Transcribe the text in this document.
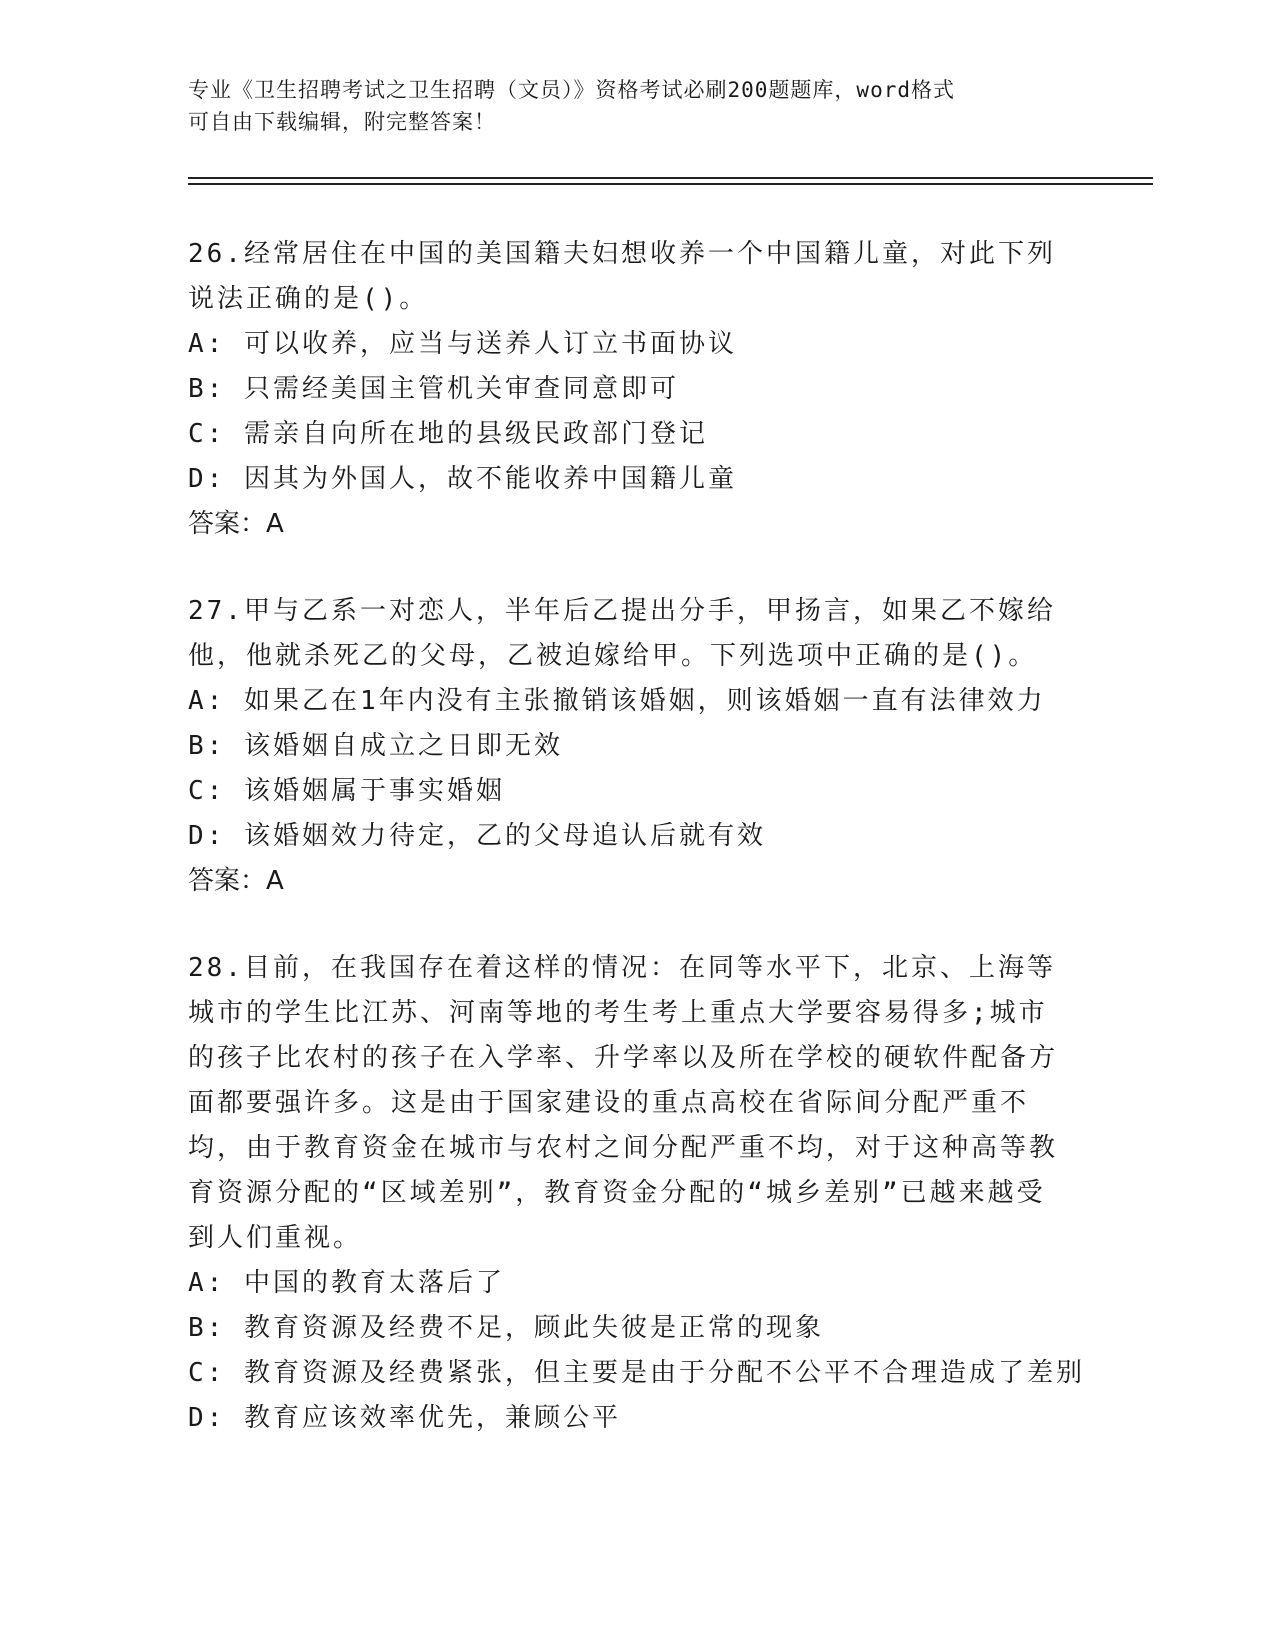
专业《卫生招聘考试之卫生招聘（文员）》资格考试必刷200题题库，word格式
可自由下载编辑，附完整答案！

26.经常居住在中国的美国籍夫妇想收养一个中国籍儿童，对此下列说法正确的是()。

A: 可以收养，应当与送养人订立书面协议

B: 只需经美国主管机关审查同意即可

C: 需亲自向所在地的县级民政部门登记

D: 因其为外国人，故不能收养中国籍儿童

答案：A

27.甲与乙系一对恋人，半年后乙提出分手，甲扬言，如果乙不嫁给他，他就杀死乙的父母，乙被迫嫁给甲。下列选项中正确的是()。

A: 如果乙在1年内没有主张撤销该婚姻，则该婚姻一直有法律效力

B: 该婚姻自成立之日即无效

C: 该婚姻属于事实婚姻

D: 该婚姻效力待定，乙的父母追认后就有效

答案：A

28.目前，在我国存在着这样的情况：在同等水平下，北京、上海等城市的学生比江苏、河南等地的考生考上重点大学要容易得多;城市的孩子比农村的孩子在入学率、升学率以及所在学校的硬软件配备方面都要强许多。这是由于国家建设的重点高校在省际间分配严重不均，由于教育资金在城市与农村之间分配严重不均，对于这种高等教育资源分配的“区域差别”，教育资金分配的“城乡差别”已越来越受到人们重视。

A: 中国的教育太落后了

B: 教育资源及经费不足，顾此失彼是正常的现象

C: 教育资源及经费紧张，但主要是由于分配不公平不合理造成了差别

D: 教育应该效率优先，兼顾公平
